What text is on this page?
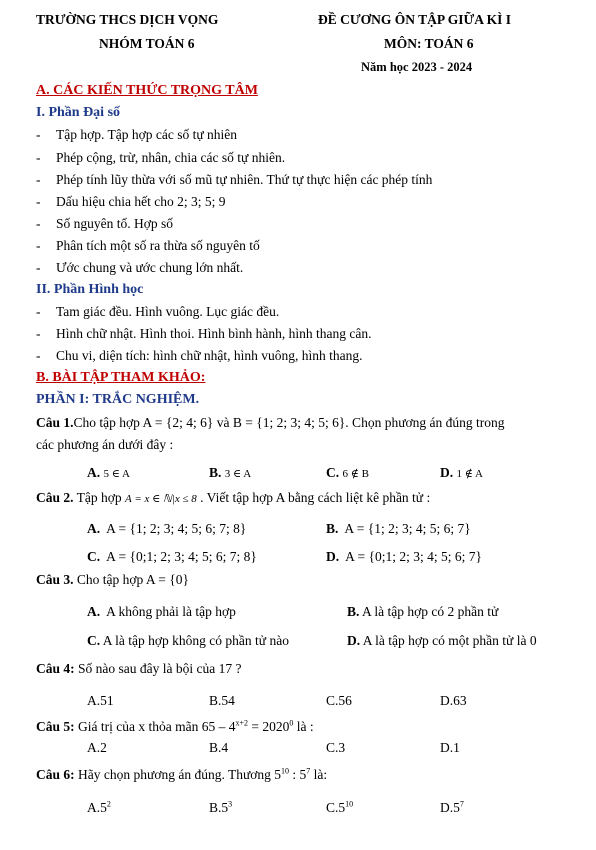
TRƯỜNG THCS DỊCH VỌNG
NHÓM TOÁN 6
ĐỀ CƯƠNG ÔN TẬP GIỮA KÌ I
MÔN: TOÁN 6
Năm học 2023 - 2024
A. CÁC KIẾN THỨC TRỌNG TÂM
I. Phần Đại số
- Tập hợp. Tập hợp các số tự nhiên
- Phép cộng, trừ, nhân, chia các số tự nhiên.
- Phép tính lũy thừa với số mũ tự nhiên. Thứ tự thực hiện các phép tính
- Dấu hiệu chia hết cho 2; 3; 5; 9
- Số nguyên tố. Hợp số
- Phân tích một số ra thừa số nguyên tố
- Ước chung và ước chung lớn nhất.
II. Phần Hình học
- Tam giác đều. Hình vuông. Lục giác đều.
- Hình chữ nhật. Hình thoi. Hình bình hành, hình thang cân.
- Chu vi, diện tích: hình chữ nhật, hình vuông, hình thang.
B. BÀI TẬP THAM KHẢO:
PHẦN I: TRẮC NGHIỆM.
Câu 1.Cho tập hợp A = {2; 4; 6} và B = {1; 2; 3; 4; 5; 6}. Chọn phương án đúng trong
các phương án dưới đây :
A. 5 ∈ A	B. 3 ∈ A	C. 6 ∉ B	D. 1 ∉ A
Câu 2. Tập hợp A = x ∈ ℕ|x ≤ 8 . Viết tập hợp A bằng cách liệt kê phần tử :
A. A = {1; 2; 3; 4; 5; 6; 7; 8}	B. A = {1; 2; 3; 4; 5; 6; 7}
C. A = {0;1; 2; 3; 4; 5; 6; 7; 8}	D. A = {0;1; 2; 3; 4; 5; 6; 7}
Câu 3. Cho tập hợp A = {0}
A. A không phải là tập hợp	B. A là tập hợp có 2 phần tử
C. A là tập hợp không có phần tử nào	D. A là tập hợp có một phần tử là 0
Câu 4: Số nào sau đây là bội của 17 ?
A.51	B.54	C.56	D.63
Câu 5: Giá trị của x thỏa mãn $65 - 4^{x+2} = 2020^0$ là :
A.2	B.4	C.3	D.1
Câu 6: Hãy chọn phương án đúng. Thương $5^{10}$ : $5^7$ là:
$A.5^2$	$B.5^3$	$C.5^{10}$	$D.5^7$
